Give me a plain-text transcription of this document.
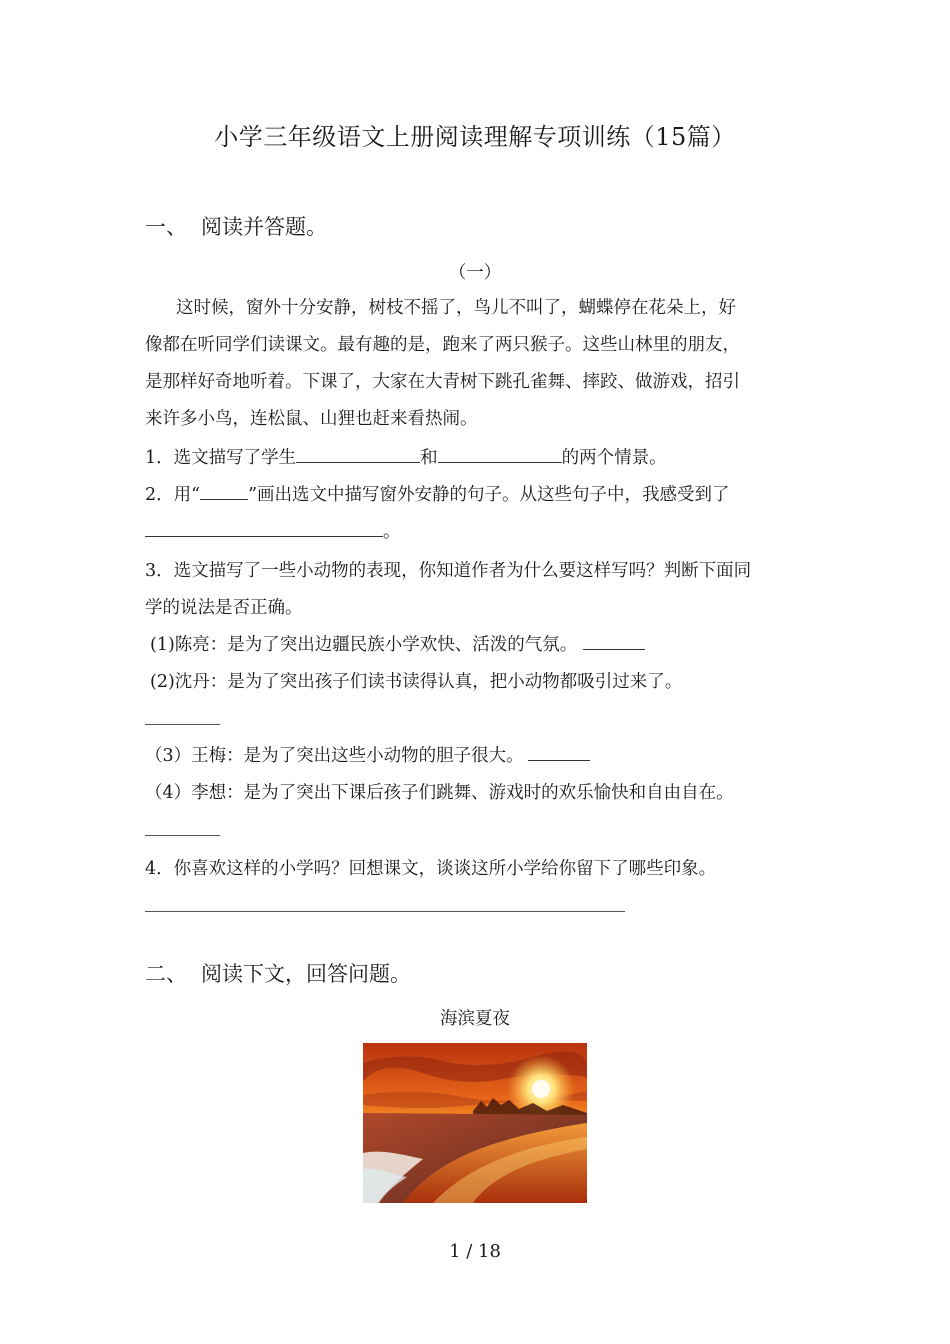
小学三年级语文上册阅读理解专项训练（15篇）
一、 阅读并答题。
（一）
这时候，窗外十分安静，树枝不摇了，鸟儿不叫了，蝴蝶停在花朵上，好
像都在听同学们读课文。最有趣的是，跑来了两只猴子。这些山林里的朋友，
是那样好奇地听着。下课了，大家在大青树下跳孔雀舞、摔跤、做游戏，招引
来许多小鸟，连松鼠、山狸也赶来看热闹。
1．选文描写了学生	和	的两个情景。
2．用“	”画出选文中描写窗外安静的句子。从这些句子中，我感受到了
。
3．选文描写了一些小动物的表现，你知道作者为什么要这样写吗？判断下面同
学的说法是否正确。
(1)陈亮：是为了突出边疆民族小学欢快、活泼的气氛。
(2)沈丹：是为了突出孩子们读书读得认真，把小动物都吸引过来了。
（3）王梅：是为了突出这些小动物的胆子很大。
（4）李想：是为了突出下课后孩子们跳舞、游戏时的欢乐愉快和自由自在。
4．你喜欢这样的小学吗？回想课文，谈谈这所小学给你留下了哪些印象。
二、 阅读下文，回答问题。
海滨夏夜
1 / 18
